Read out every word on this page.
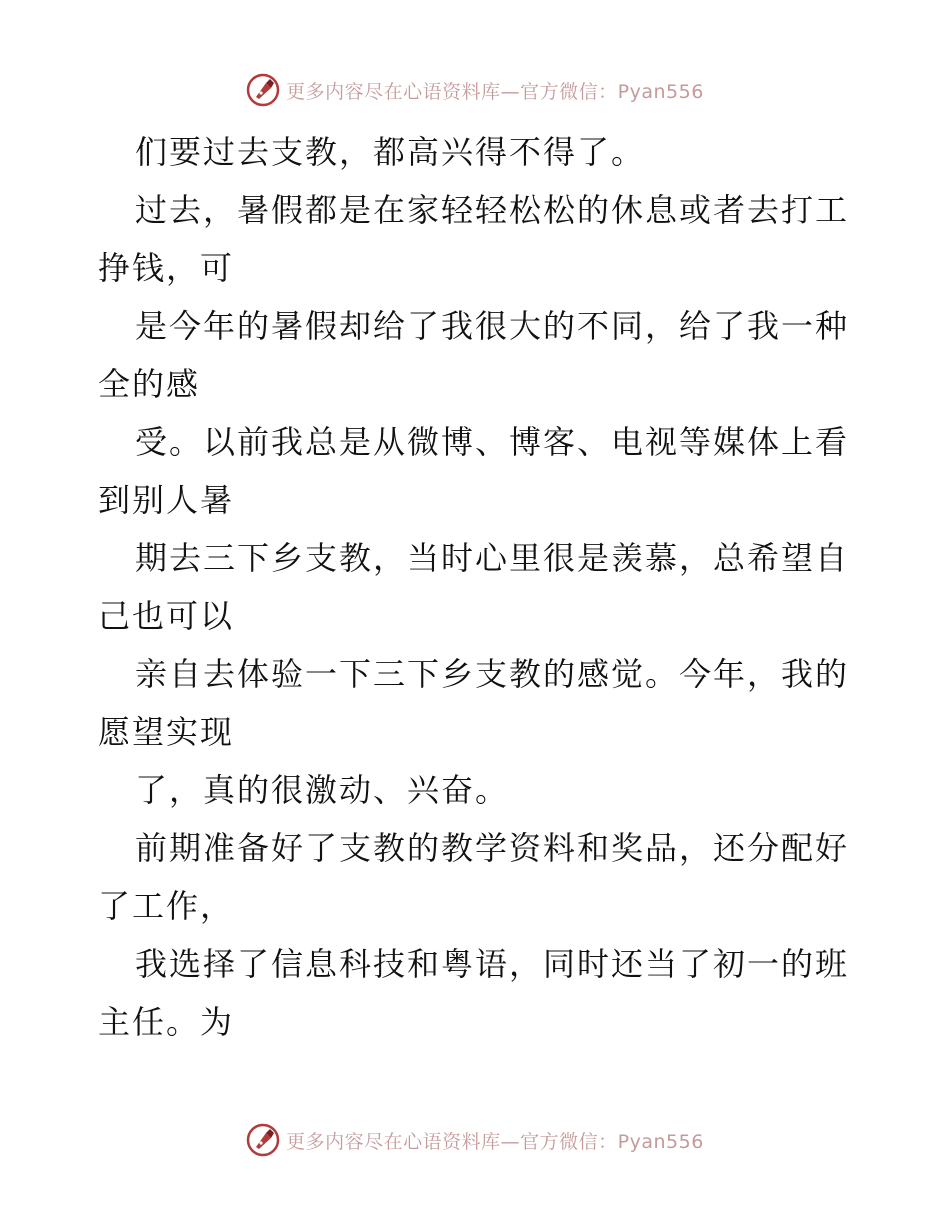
更多内容尽在心语资料库—官方微信：Pyan556

们要过去支教，都高兴得不得了。

过去，暑假都是在家轻轻松松的休息或者去打工挣钱，可

是今年的暑假却给了我很大的不同，给了我一种全的感

受。以前我总是从微博、博客、电视等媒体上看到别人暑

期去三下乡支教，当时心里很是羡慕，总希望自己也可以

亲自去体验一下三下乡支教的感觉。今年，我的愿望实现

了，真的很激动、兴奋。

前期准备好了支教的教学资料和奖品，还分配好了工作，

我选择了信息科技和粤语，同时还当了初一的班主任。为

更多内容尽在心语资料库—官方微信：Pyan556
